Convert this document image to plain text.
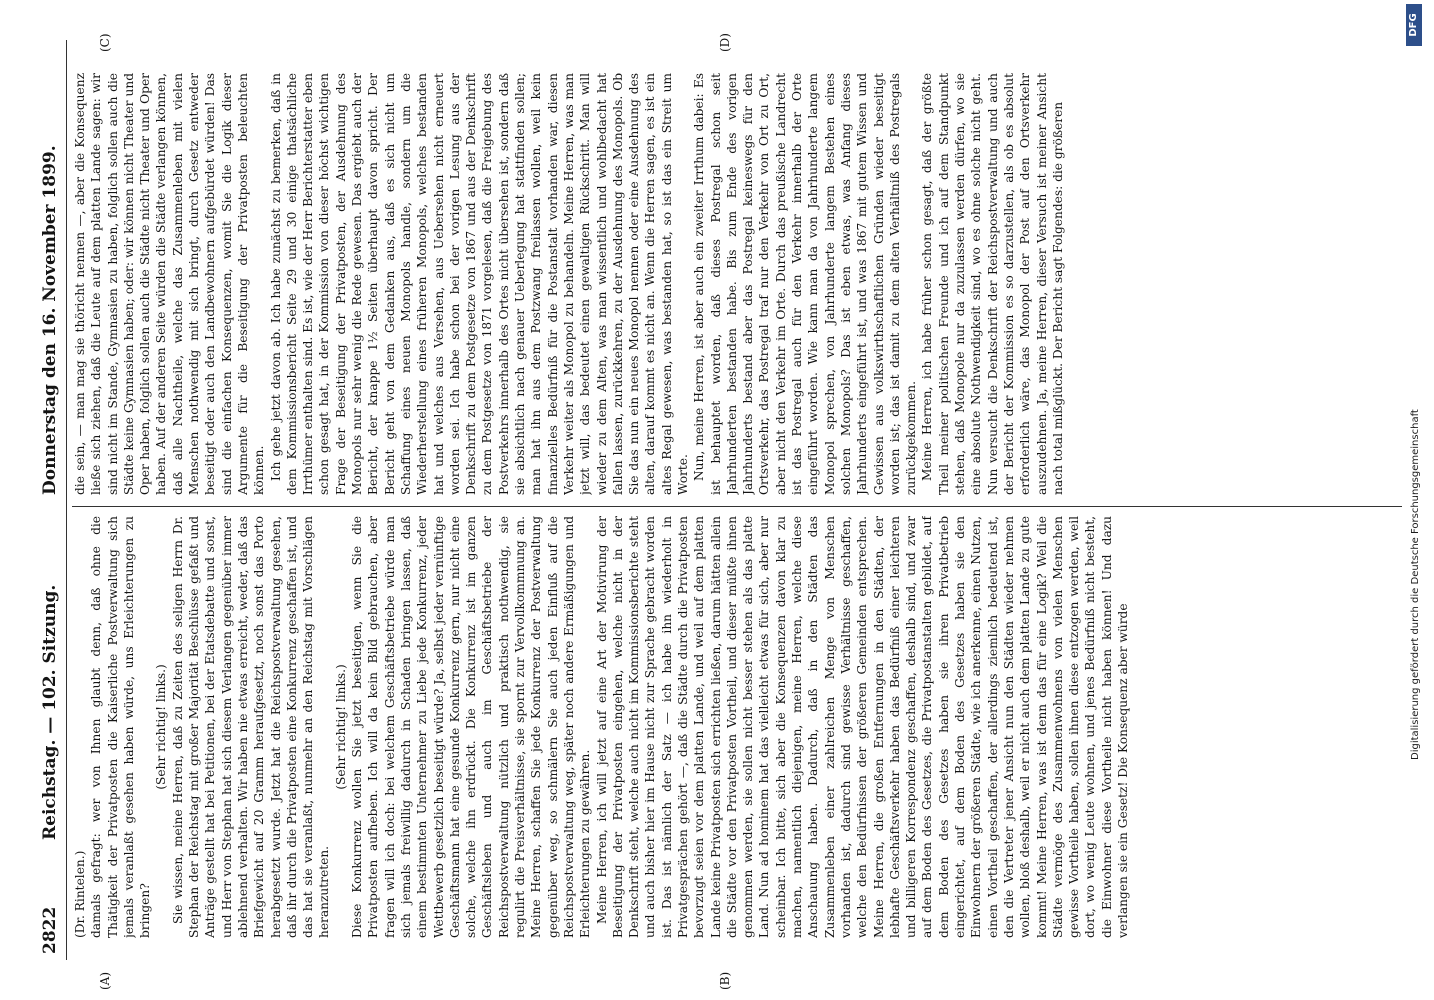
2822
Reichstag. — 102. Sitzung.
Donnerstag den 16. November 1899.
(A)	(B)
(C)	(D)

(Dr. Rintelen.) damals gefragt: wer von Ihnen glaubt denn, daß ohne die Thätigkeit der Privatposten die Kaiserliche Postverwaltung sich jemals veranlaßt gesehen haben würde, uns Erleichterungen zu bringen?

(Sehr richtig! links.) Sie wissen, meine Herren, daß zu Zeiten des seligen Herrn Dr. Stephan der Reichstag mit großer Majorität Beschlüsse gefaßt und Anträge gestellt hat bei Petitionen, bei der Etatsdebatte und sonst, und Herr von Stephan hat sich diesem Verlangen gegenüber immer ablehnend verhalten. Wir haben nie etwas erreicht, weder, daß das Briefgewicht auf 20 Gramm heraufgesetzt, noch sonst das Porto herabgesetzt wurde. Jetzt hat die Reichspostverwaltung gesehen, daß ihr durch die Privatposten eine Konkurrenz geschaffen ist, und das hat sie veranlaßt, nunmehr an den Reichstag mit Vorschlägen heranzutreten.

(Sehr richtig! links.) Diese Konkurrenz wollen Sie jetzt beseitigen, wenn Sie die Privatposten aufheben. Ich will da kein Bild gebrauchen, aber fragen will ich doch: bei welchem Geschäftsbetriebe würde man sich jemals freiwillig dadurch in Schaden bringen lassen, daß einem bestimmten Unternehmer zu Liebe jede Konkurrenz, jeder Wettbewerb gesetzlich beseitigt würde? Ja, selbst jeder vernünftige Geschäftsmann hat eine gesunde Konkurrenz gern, nur nicht eine solche, welche ihn erdrückt. Die Konkurrenz ist im ganzen Geschäftsleben und auch im Geschäftsbetriebe der Reichspostverwaltung nützlich und praktisch nothwendig, sie regulirt die Preisverhältnisse, sie spornt zur Vervollkommnung an. Meine Herren, schaffen Sie jede Konkurrenz der Postverwaltung gegenüber weg, so schmälern Sie auch jeden Einfluß auf die Reichspostverwaltung weg, später noch andere Ermäßigungen und Erleichterungen zu gewähren. Meine Herren, ich will jetzt auf eine Art der Motivirung der Beseitigung der Privatposten eingehen, welche nicht in der Denkschrift steht, welche auch nicht im Kommissionsberichte steht und auch bisher hier im Hause nicht zur Sprache gebracht worden ist. Das ist nämlich der Satz — ich habe ihn wiederholt in Privatgesprächen gehört —, daß die Städte durch die Privatposten bevorzugt seien vor dem platten Lande, und weil auf dem platten Lande keine Privatposten sich errichten ließen, darum hätten allein die Städte vor den Privatposten Vortheil, und dieser müßte ihnen genommen werden, sie sollen nicht besser stehen als das platte Land. Nun ad hominem hat das vielleicht etwas für sich, aber nur scheinbar. Ich bitte, sich aber die Konsequenzen davon klar zu machen, namentlich diejenigen, meine Herren, welche diese Anschauung haben. Dadurch, daß in den Städten das Zusammenleben einer zahlreichen Menge von Menschen vorhanden ist, dadurch sind gewisse Verhältnisse geschaffen, welche den Bedürfnissen der größeren Gemeinden entsprechen. Meine Herren, die großen Entfernungen in den Städten, der lebhafte Geschäftsverkehr haben das Bedürfniß einer leichteren und billigeren Korrespondenz geschaffen, deshalb sind, und zwar auf dem Boden des Gesetzes, die Privatpostanstalten gebildet, auf dem Boden des Gesetzes haben sie ihren Privatbetrieb eingerichtet, auf dem Boden des Gesetzes haben sie den Einwohnern der größeren Städte, wie ich anerkenne, einen Nutzen, einen Vortheil geschaffen, der allerdings ziemlich bedeutend ist, den die Vertreter jener Ansicht nun den Städten wieder nehmen wollen, bloß deshalb, weil er nicht auch dem platten Lande zu gute kommt! Meine Herren, was ist denn das für eine Logik? Weil die Städte vermöge des Zusammenwohnens von vielen Menschen gewisse Vortheile haben, sollen ihnen diese entzogen werden, weil dort, wo wenig Leute wohnen, und jenes Bedürfniß nicht besteht, die Einwohner diese Vortheile nicht haben können! Und dazu verlangen sie ein Gesetz! Die Konsequenz aber würde

die sein, — man mag sie thöricht nennen —, aber die Konsequenz ließe sich ziehen, daß die Leute auf dem platten Lande sagen: wir sind nicht im Stande, Gymnasien zu haben, folglich sollen auch die Städte keine Gymnasien haben; oder: wir können nicht Theater und Oper haben, folglich sollen auch die Städte nicht Theater und Oper haben. Auf der anderen Seite würden die Städte verlangen können, daß alle Nachtheile, welche das Zusammenleben mit vielen Menschen nothwendig mit sich bringt, durch Gesetz entweder beseitigt oder auch den Landbewohnern aufgebürdet würden! Das sind die einfachen Konsequenzen, womit Sie die Logik dieser Argumente für die Beseitigung der Privatposten beleuchten können. Ich gehe jetzt davon ab. Ich habe zunächst zu bemerken, daß in dem Kommissionsbericht Seite 29 und 30 einige thatsächliche Irrthümer enthalten sind. Es ist, wie der Herr Berichterstatter eben schon gesagt hat, in der Kommission von dieser höchst wichtigen Frage der Beseitigung der Privatposten, der Ausdehnung des Monopols nur sehr wenig die Rede gewesen. Das ergiebt auch der Bericht, der knappe 1½ Seiten überhaupt davon spricht. Der Bericht geht von dem Gedanken aus, daß es sich nicht um Schaffung eines neuen Monopols handle, sondern um die Wiederherstellung eines früheren Monopols, welches bestanden hat und welches aus Versehen, aus Uebersehen nicht erneuert worden sei. Ich habe schon bei der vorigen Lesung aus der Denkschrift zu dem Postgesetze von 1867 und aus der Denkschrift zu dem Postgesetze von 1871 vorgelesen, daß die Freigebung des Postverkehrs innerhalb des Ortes nicht übersehen ist, sondern daß sie absichtlich nach genauer Ueberlegung hat stattfinden sollen; man hat ihn aus dem Postzwang freilassen wollen, weil kein finanzielles Bedürfniß für die Postanstalt vorhanden war, diesen Verkehr weiter als Monopol zu behandeln. Meine Herren, was man jetzt will, das bedeutet einen gewaltigen Rückschritt. Man will wieder zu dem Alten, was man wissentlich und wohlbedacht hat fallen lassen, zurückkehren, zu der Ausdehnung des Monopols. Ob Sie das nun ein neues Monopol nennen oder eine Ausdehnung des alten, darauf kommt es nicht an. Wenn die Herren sagen, es ist ein altes Regal gewesen, was bestanden hat, so ist das ein Streit um Worte. Nun, meine Herren, ist aber auch ein zweiter Irrthum dabei: Es ist behauptet worden, daß dieses Postregal schon seit Jahrhunderten bestanden habe. Bis zum Ende des vorigen Jahrhunderts bestand aber das Postregal keineswegs für den Ortsverkehr, das Postregal traf nur den Verkehr von Ort zu Ort, aber nicht den Verkehr im Orte. Durch das preußische Landrecht ist das Postregal auch für den Verkehr innerhalb der Orte eingeführt worden. Wie kann man da von Jahrhunderte langem Monopol sprechen, von Jahrhunderte langem Bestehen eines solchen Monopols? Das ist eben etwas, was Anfang dieses Jahrhunderts eingeführt ist, und was 1867 mit gutem Wissen und Gewissen aus volkswirthschaftlichen Gründen wieder beseitigt worden ist; das ist damit zu dem alten Verhältniß des Postregals zurückgekommen. Meine Herren, ich habe früher schon gesagt, daß der größte Theil meiner politischen Freunde und ich auf dem Standpunkt stehen, daß Monopole nur da zuzulassen werden dürfen, wo sie eine absolute Nothwendigkeit sind, wo es ohne solche nicht geht. Nun versucht die Denkschrift der Reichspostverwaltung und auch der Bericht der Kommission es so darzustellen, als ob es absolut erforderlich wäre, das Monopol der Post auf den Ortsverkehr auszudehnen. Ja, meine Herren, dieser Versuch ist meiner Ansicht nach total mißglückt. Der Bericht sagt Folgendes: die größeren

Digitalisierung gefördert durch die Deutsche Forschungsgemeinschaft
DFG
